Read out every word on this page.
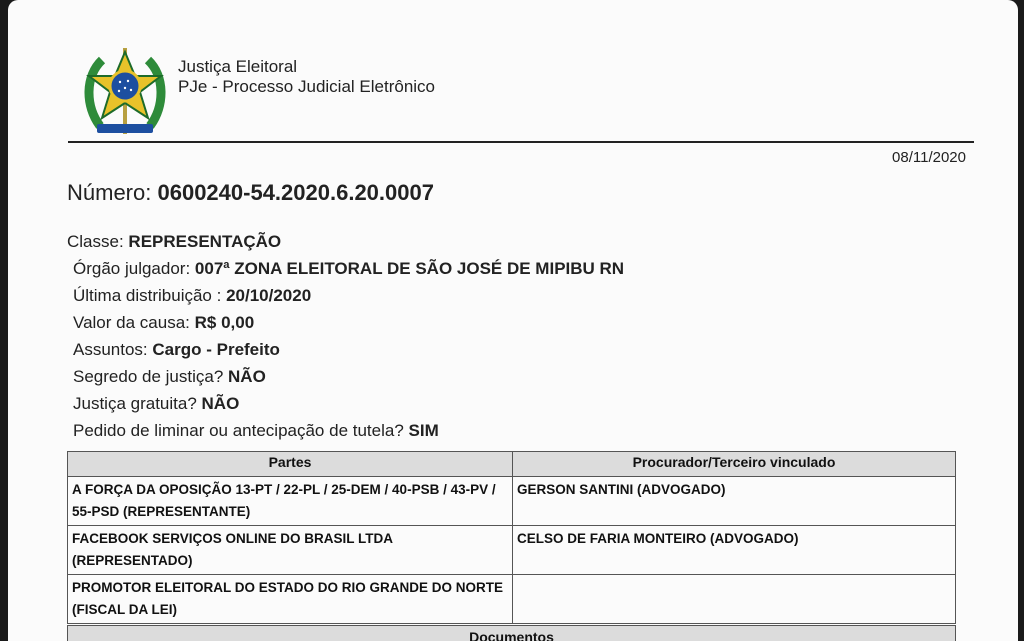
Justiça Eleitoral
PJe - Processo Judicial Eletrônico
08/11/2020
Número: 0600240-54.2020.6.20.0007
Classe: REPRESENTAÇÃO
Órgão julgador: 007ª ZONA ELEITORAL DE SÃO JOSÉ DE MIPIBU RN
Última distribuição : 20/10/2020
Valor da causa: R$ 0,00
Assuntos: Cargo - Prefeito
Segredo de justiça? NÃO
Justiça gratuita? NÃO
Pedido de liminar ou antecipação de tutela? SIM
Partes	Procurador/Terceiro vinculado
A FORÇA DA OPOSIÇÃO 13-PT / 22-PL / 25-DEM / 40-PSB / 43-PV / 55-PSD (REPRESENTANTE)	GERSON SANTINI (ADVOGADO)
FACEBOOK SERVIÇOS ONLINE DO BRASIL LTDA (REPRESENTADO)	CELSO DE FARIA MONTEIRO (ADVOGADO)
PROMOTOR ELEITORAL DO ESTADO DO RIO GRANDE DO NORTE (FISCAL DA LEI)	
Documentos
